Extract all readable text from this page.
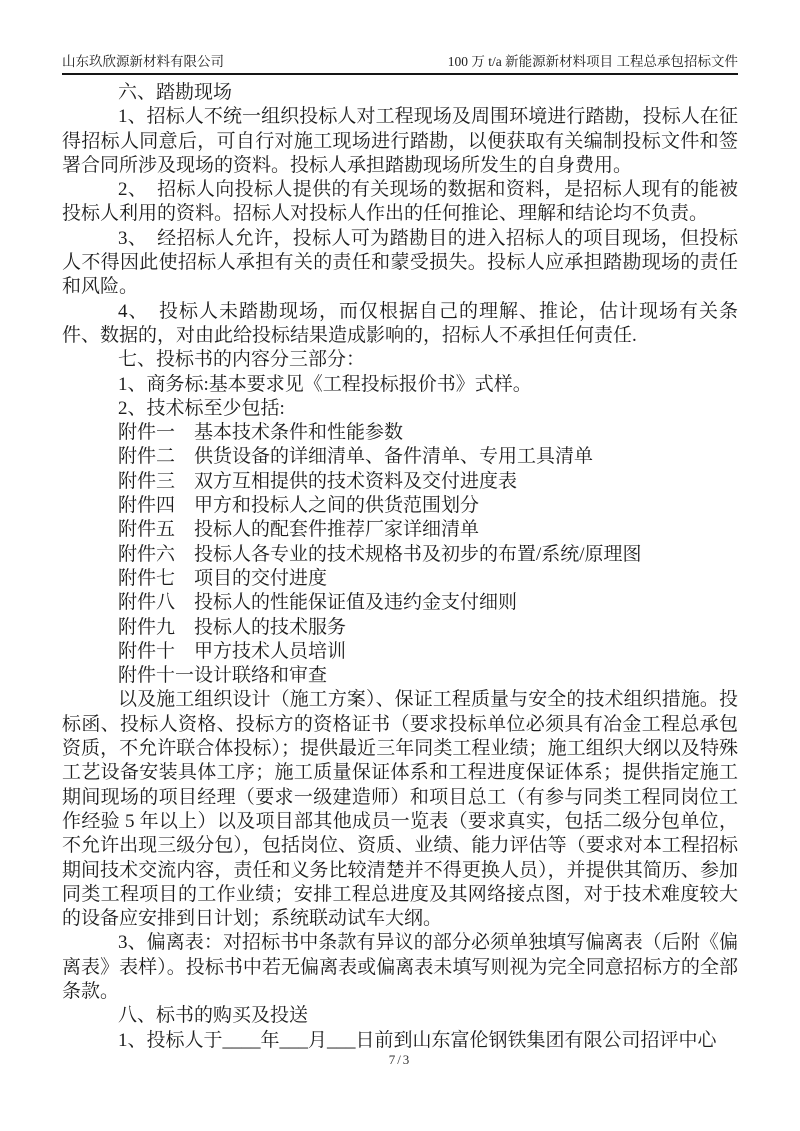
山东玖欣源新材料有限公司	100 万 t/a 新能源新材料项目 工程总承包招标文件

六、踏勘现场

1、招标人不统一组织投标人对工程现场及周围环境进行踏勘，投标人在征得招标人同意后，可自行对施工现场进行踏勘，以便获取有关编制投标文件和签署合同所涉及现场的资料。投标人承担踏勘现场所发生的自身费用。

2、　招标人向投标人提供的有关现场的数据和资料，是招标人现有的能被投标人利用的资料。招标人对投标人作出的任何推论、理解和结论均不负责。

3、　经招标人允许，投标人可为踏勘目的进入招标人的项目现场，但投标人不得因此使招标人承担有关的责任和蒙受损失。投标人应承担踏勘现场的责任和风险。

4、　投标人未踏勘现场，而仅根据自己的理解、推论，估计现场有关条件、数据的，对由此给投标结果造成影响的，招标人不承担任何责任.

七、投标书的内容分三部分：

1、商务标:基本要求见《工程投标报价书》式样。

2、技术标至少包括:

附件一　基本技术条件和性能参数

附件二　供货设备的详细清单、备件清单、专用工具清单

附件三　双方互相提供的技术资料及交付进度表

附件四　甲方和投标人之间的供货范围划分

附件五　投标人的配套件推荐厂家详细清单

附件六　投标人各专业的技术规格书及初步的布置/系统/原理图

附件七　项目的交付进度

附件八　投标人的性能保证值及违约金支付细则

附件九　投标人的技术服务

附件十　甲方技术人员培训

附件十一设计联络和审查

以及施工组织设计（施工方案）、保证工程质量与安全的技术组织措施。投标函、投标人资格、投标方的资格证书（要求投标单位必须具有冶金工程总承包资质，不允许联合体投标）；提供最近三年同类工程业绩；施工组织大纲以及特殊工艺设备安装具体工序；施工质量保证体系和工程进度保证体系；提供指定施工期间现场的项目经理（要求一级建造师）和项目总工（有参与同类工程同岗位工作经验 5 年以上）以及项目部其他成员一览表（要求真实，包括二级分包单位，不允许出现三级分包），包括岗位、资质、业绩、能力评估等（要求对本工程招标期间技术交流内容，责任和义务比较清楚并不得更换人员），并提供其简历、参加同类工程项目的工作业绩；安排工程总进度及其网络接点图，对于技术难度较大的设备应安排到日计划；系统联动试车大纲。

3、偏离表：对招标书中条款有异议的部分必须单独填写偏离表（后附《偏离表》表样）。投标书中若无偏离表或偏离表未填写则视为完全同意招标方的全部条款。

八、标书的购买及投送

1、投标人于____年___月___日前到山东富伦钢铁集团有限公司招评中心

7/3
